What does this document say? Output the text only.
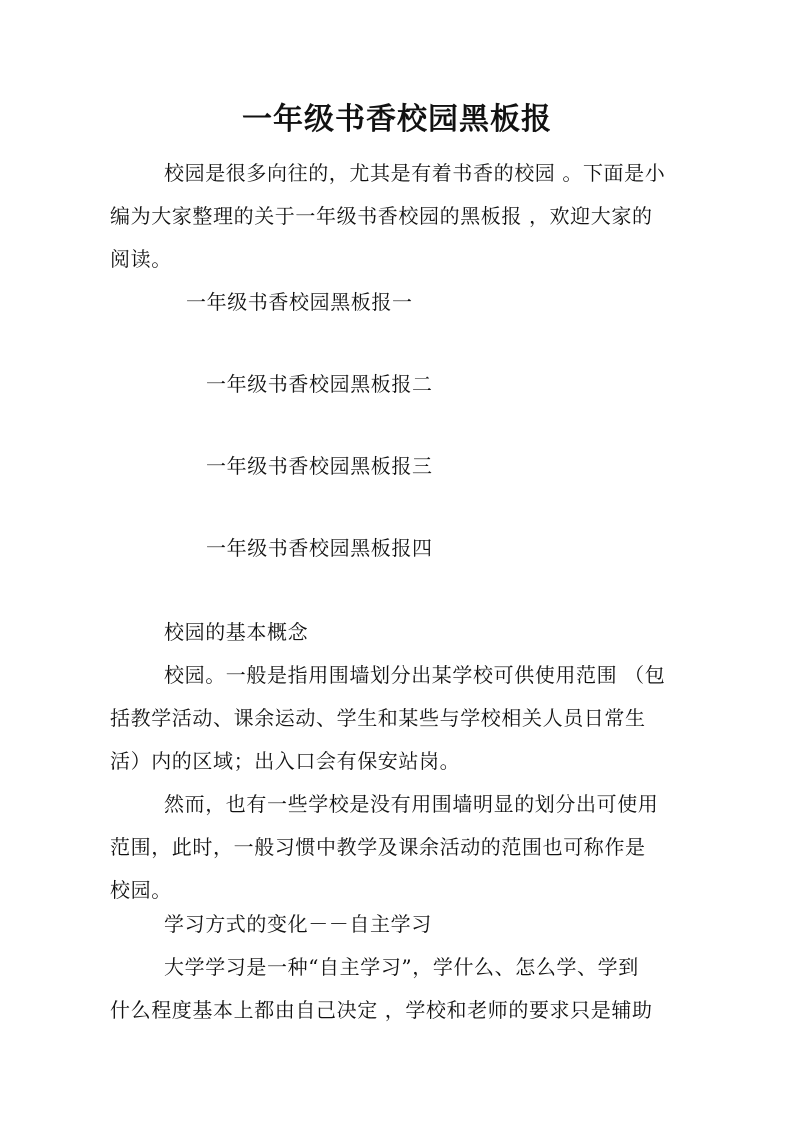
一年级书香校园黑板报
校园是很多向往的，尤其是有着书香的校园 。下面是小
编为大家整理的关于一年级书香校园的黑板报 ，欢迎大家的
阅读。
一年级书香校园黑板报一
一年级书香校园黑板报二
一年级书香校园黑板报三
一年级书香校园黑板报四
校园的基本概念
校园。一般是指用围墙划分出某学校可供使用范围 （包
括教学活动、课余运动、学生和某些与学校相关人员日常生
活）内的区域；出入口会有保安站岗。
然而，也有一些学校是没有用围墙明显的划分出可使用
范围，此时，一般习惯中教学及课余活动的范围也可称作是
校园。
学习方式的变化－－自主学习
大学学习是一种“自主学习”，学什么、怎么学、学到
什么程度基本上都由自己决定 ，学校和老师的要求只是辅助
